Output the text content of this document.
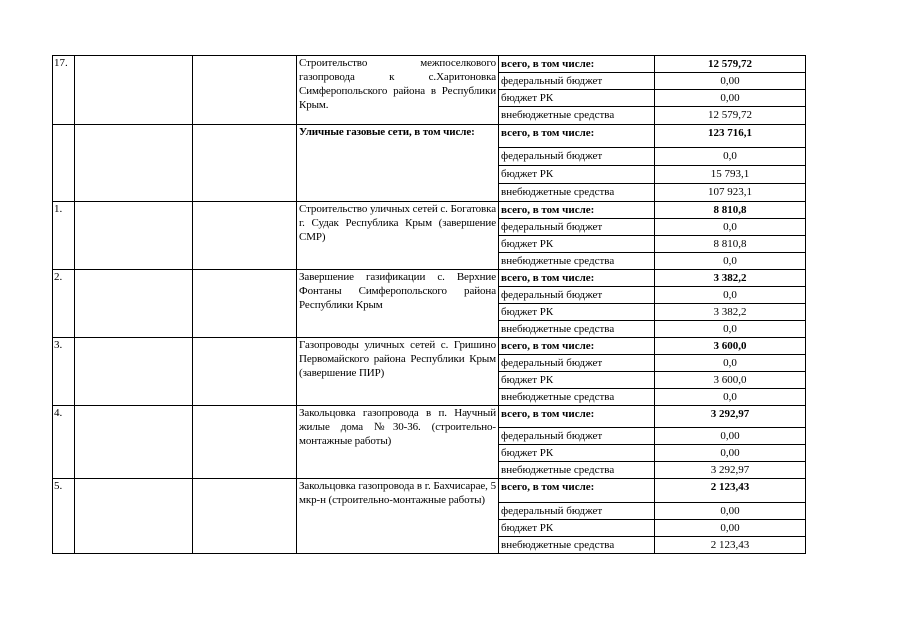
17.			Строительство межпоселкового газопровода к с.Харитоновка Симферопольского района в Республики Крым.	всего, в том числе:	12 579,72
				федеральный бюджет	0,00
				бюджет РК	0,00
				внебюджетные средства	12 579,72
			Уличные газовые сети, в том числе:	всего, в том числе:	123 716,1
				федеральный бюджет	0,0
				бюджет РК	15 793,1
				внебюджетные средства	107 923,1
1.			Строительство уличных сетей с. Богатовка г. Судак Республика Крым (завершение СМР)	всего, в том числе:	8 810,8
				федеральный бюджет	0,0
				бюджет РК	8 810,8
				внебюджетные средства	0,0
2.			Завершение газификации с. Верхние Фонтаны Симферопольского района Республики Крым	всего, в том числе:	3 382,2
				федеральный бюджет	0,0
				бюджет РК	3 382,2
				внебюджетные средства	0,0
3.			Газопроводы уличных сетей с. Гришино Первомайского района Республики Крым (завершение ПИР)	всего, в том числе:	3 600,0
				федеральный бюджет	0,0
				бюджет РК	3 600,0
				внебюджетные средства	0,0
4.			Закольцовка газопровода в п. Научный жилые дома №30-36. (строительно-монтажные работы)	всего, в том числе:	3 292,97
				федеральный бюджет	0,00
				бюджет РК	0,00
				внебюджетные средства	3 292,97
5.			Закольцовка газопровода в г. Бахчисарае, 5 мкр-н (строительно-монтажные работы)	всего, в том числе:	2 123,43
				федеральный бюджет	0,00
				бюджет РК	0,00
				внебюджетные средства	2 123,43
